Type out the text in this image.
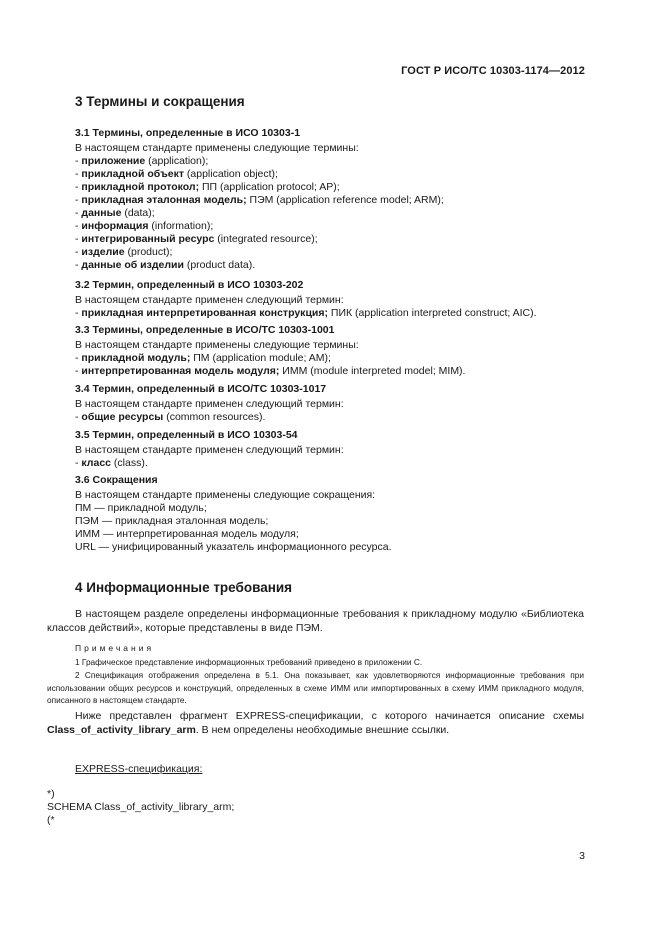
ГОСТ Р ИСО/ТС 10303-1174—2012
3 Термины и сокращения
3.1 Термины, определенные в ИСО 10303-1
В настоящем стандарте применены следующие термины:
- приложение (application);
- прикладной объект (application object);
- прикладной протокол; ПП (application protocol; AP);
- прикладная эталонная модель; ПЭМ (application reference model; ARM);
- данные (data);
- информация (information);
- интегрированный ресурс (integrated resource);
- изделие (product);
- данные об изделии (product data).
3.2 Термин, определенный в ИСО 10303-202
В настоящем стандарте применен следующий термин:
- прикладная интерпретированная конструкция; ПИК (application interpreted construct; AIC).
3.3 Термины, определенные в ИСО/ТС 10303-1001
В настоящем стандарте применены следующие термины:
- прикладной модуль; ПМ (application module; AM);
- интерпретированная модель модуля; ИММ (module interpreted model; MIM).
3.4 Термин, определенный в ИСО/ТС 10303-1017
В настоящем стандарте применен следующий термин:
- общие ресурсы (common resources).
3.5 Термин, определенный в ИСО 10303-54
В настоящем стандарте применен следующий термин:
- класс (class).
3.6 Сокращения
В настоящем стандарте применены следующие сокращения:
ПМ — прикладной модуль;
ПЭМ — прикладная эталонная модель;
ИММ — интерпретированная модель модуля;
URL — унифицированный указатель информационного ресурса.
4 Информационные требования

В настоящем разделе определены информационные требования к прикладному модулю «Библиотека классов действий», которые представлены в виде ПЭМ.

Примечания

1 Графическое представление информационных требований приведено в приложении С.

2 Спецификация отображения определена в 5.1. Она показывает, как удовлетворяются информационные требования при использовании общих ресурсов и конструкций, определенных в схеме ИММ или импортированных в схему ИММ прикладного модуля, описанного в настоящем стандарте.

Ниже представлен фрагмент EXPRESS-спецификации, с которого начинается описание схемы Class_of_activity_library_arm. В нем определены необходимые внешние ссылки.

EXPRESS-спецификация:
*)
SCHEMA Class_of_activity_library_arm;
(*
3
